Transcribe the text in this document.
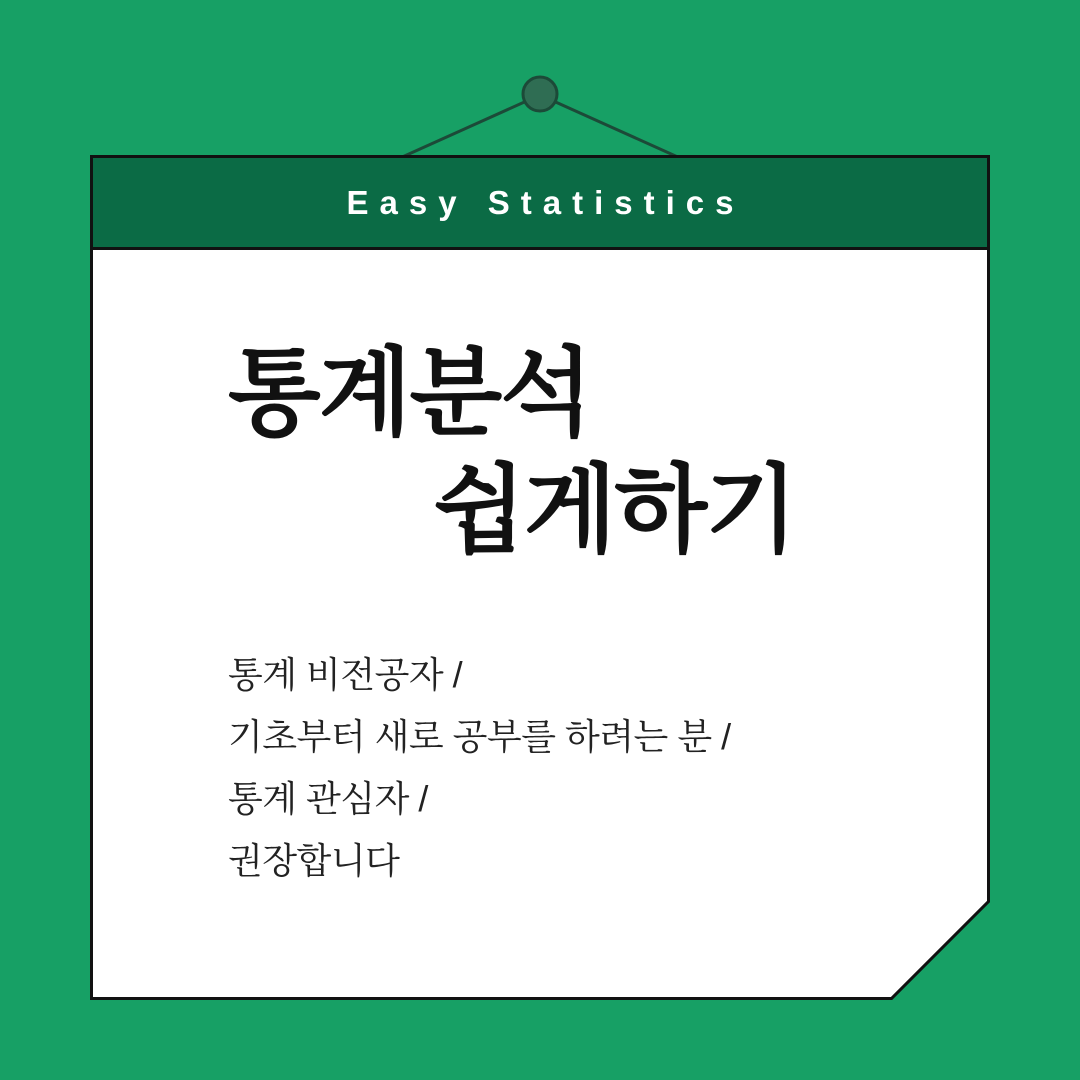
Easy Statistics
통계분석
쉽게하기
통계 비전공자 /
기초부터 새로 공부를 하려는 분 /
통계 관심자 /
권장합니다
